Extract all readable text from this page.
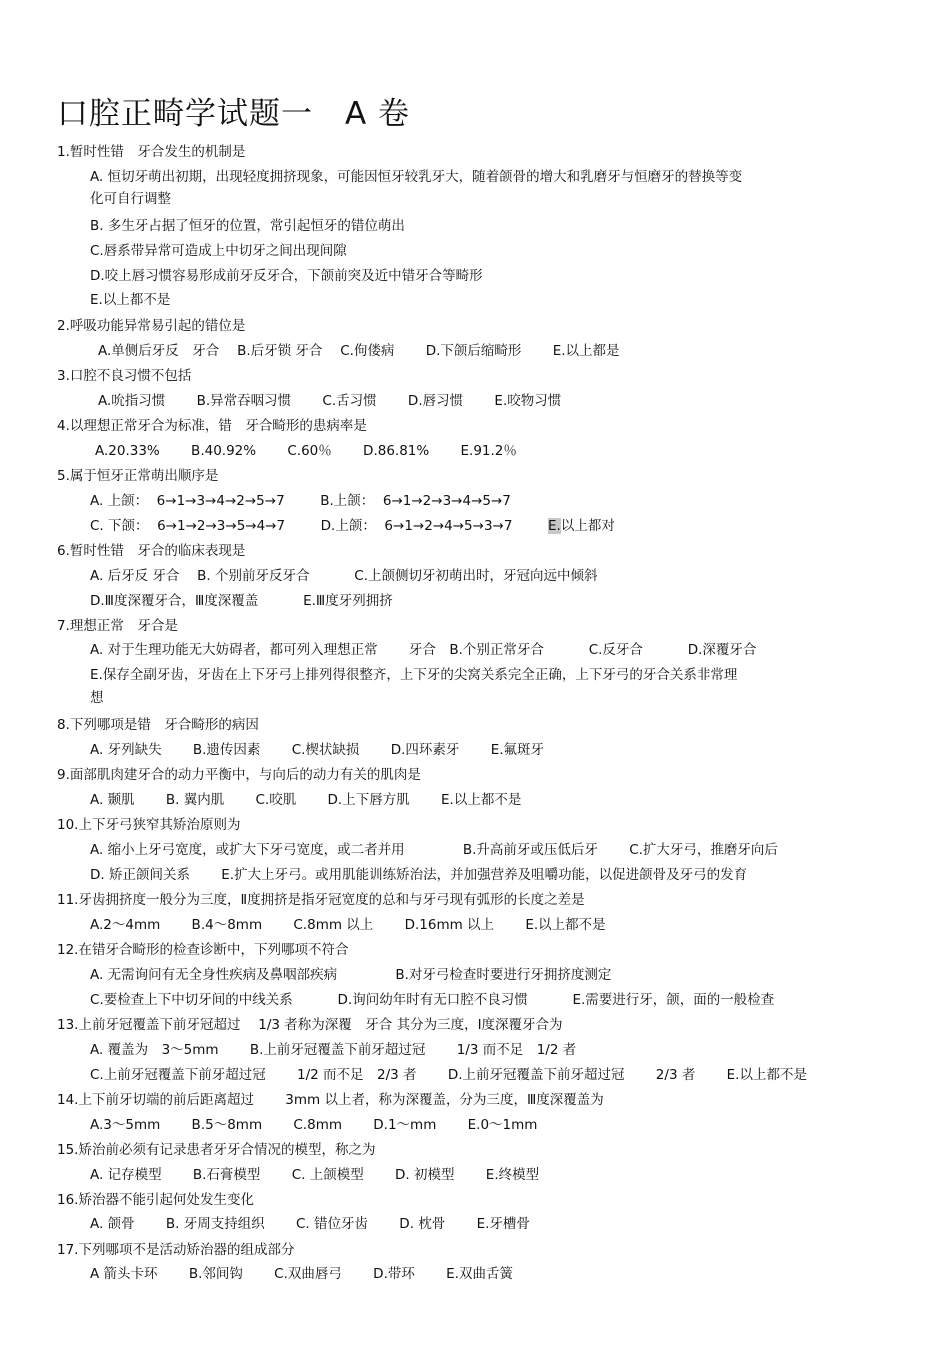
口腔正畸学试题一　A 卷
1.暂时性错　牙合发生的机制是
A. 恒切牙萌出初期，出现轻度拥挤现象，可能因恒牙较乳牙大，随着颌骨的增大和乳磨牙与恒磨牙的替换等变
化可自行调整
B. 多生牙占据了恒牙的位置，常引起恒牙的错位萌出
C.唇系带异常可造成上中切牙之间出现间隙
D.咬上唇习惯容易形成前牙反牙合，下颌前突及近中错牙合等畸形
E.以上都不是
2.呼吸功能异常易引起的错位是
A.单侧后牙反　牙合　 B.后牙锁 牙合　 C.佝偻病　　 D.下颌后缩畸形　　 E.以上都是
3.口腔不良习惯不包括
A.吮指习惯　　 B.异常吞咽习惯　　 C.舌习惯　　 D.唇习惯　　 E.咬物习惯
4.以理想正常牙合为标准，错　牙合畸形的患病率是
A.20.33%　　 B.40.92%　　 C.60％　　 D.86.81%　　 E.91.2％
5.属于恒牙正常萌出顺序是
A. 上颌：  6→1→3→4→2→5→7　　  B.上颌：  6→1→2→3→4→5→7
C. 下颌：  6→1→2→3→5→4→7　　  D.上颌：  6→1→2→4→5→3→7　　  E.以上都对
6.暂时性错　牙合的临床表现是
A. 后牙反 牙合　 B. 个别前牙反牙合　　　 C.上颌侧切牙初萌出时，牙冠向远中倾斜
D.Ⅲ度深覆牙合，Ⅲ度深覆盖　　　 E.Ⅲ度牙列拥挤
7.理想正常　牙合是
A. 对于生理功能无大妨碍者，都可列入理想正常　　 牙合　B.个别正常牙合　　　 C.反牙合　　　 D.深覆牙合
E.保存全副牙齿，牙齿在上下牙弓上排列得很整齐，上下牙的尖窝关系完全正确，上下牙弓的牙合关系非常理
想
8.下列哪项是错　牙合畸形的病因
A. 牙列缺失　　 B.遗传因素　　 C.楔状缺损　　 D.四环素牙　　 E.氟斑牙
9.面部肌肉建牙合的动力平衡中，与向后的动力有关的肌肉是
A. 颞肌　　 B. 翼内肌　　 C.咬肌　　 D.上下唇方肌　　 E.以上都不是
10.上下牙弓狭窄其矫治原则为
A. 缩小上牙弓宽度，或扩大下牙弓宽度，或二者并用　　　　 B.升高前牙或压低后牙　　 C.扩大牙弓，推磨牙向后
D. 矫正颌间关系　　 E.扩大上牙弓。或用肌能训练矫治法，并加强营养及咀嚼功能，以促进颌骨及牙弓的发育
11.牙齿拥挤度一般分为三度，Ⅱ度拥挤是指牙冠宽度的总和与牙弓现有弧形的长度之差是
A.2～4mm　　 B.4～8mm　　 C.8mm 以上　　 D.16mm 以上　　 E.以上都不是
12.在错牙合畸形的检查诊断中，下列哪项不符合
A. 无需询问有无全身性疾病及鼻咽部疾病　　　　 B.对牙弓检查时要进行牙拥挤度测定
C.要检查上下中切牙间的中线关系　　　 D.询问幼年时有无口腔不良习惯　　　 E.需要进行牙，颌，面的一般检查
13.上前牙冠覆盖下前牙冠超过　 1/3 者称为深覆　牙合 其分为三度，Ⅰ度深覆牙合为
A. 覆盖为　3～5mm　　 B.上前牙冠覆盖下前牙超过冠　　 1/3 而不足　1/2 者
C.上前牙冠覆盖下前牙超过冠　　 1/2 而不足　2/3 者　　 D.上前牙冠覆盖下前牙超过冠　　 2/3 者　　 E.以上都不是
14.上下前牙切端的前后距离超过　　 3mm 以上者，称为深覆盖，分为三度，Ⅲ度深覆盖为
A.3～5mm　　 B.5～8mm　　 C.8mm　　 D.1～mm　　 E.0～1mm
15.矫治前必须有记录患者牙牙合情况的模型，称之为
A. 记存模型　　 B.石膏模型　　 C. 上颌模型　　 D. 初模型　　 E.终模型
16.矫治器不能引起何处发生变化
A. 颌骨　　 B. 牙周支持组织　　 C. 错位牙齿　　 D. 枕骨　　 E.牙槽骨
17.下列哪项不是活动矫治器的组成部分
A 箭头卡环　　 B.邻间钩　　 C.双曲唇弓　　 D.带环　　 E.双曲舌簧
